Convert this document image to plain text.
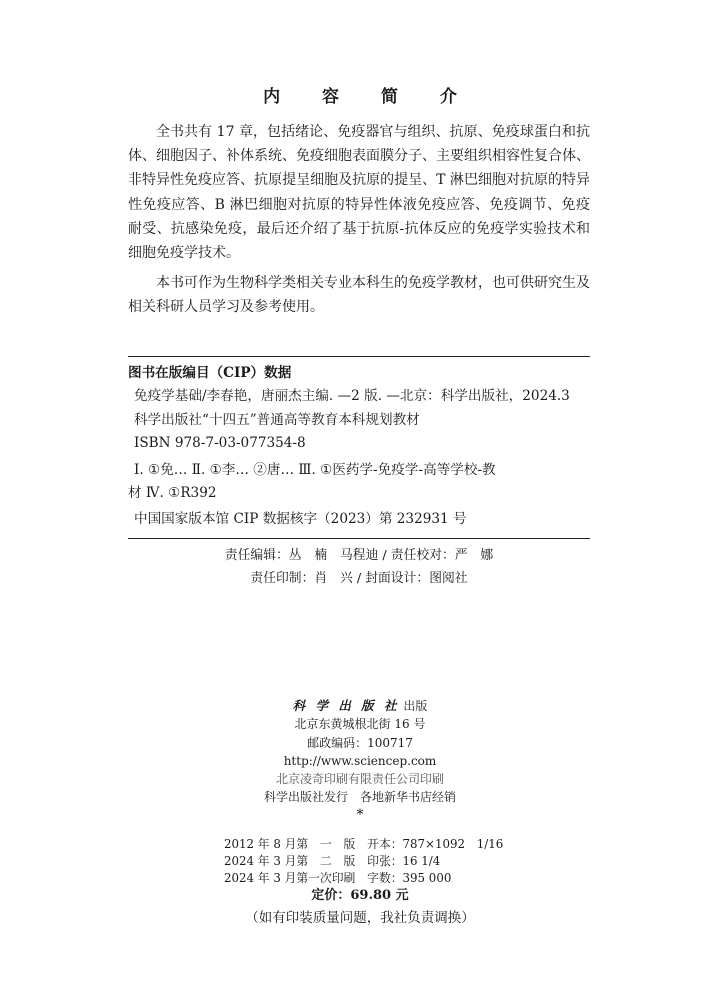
内 容 简 介

全书共有 17 章，包括绪论、免疫器官与组织、抗原、免疫球蛋白和抗体、细胞因子、补体系统、免疫细胞表面膜分子、主要组织相容性复合体、非特异性免疫应答、抗原提呈细胞及抗原的提呈、T 淋巴细胞对抗原的特异性免疫应答、B 淋巴细胞对抗原的特异性体液免疫应答、免疫调节、免疫耐受、抗感染免疫，最后还介绍了基于抗原-抗体反应的免疫学实验技术和细胞免疫学技术。

本书可作为生物科学类相关专业本科生的免疫学教材，也可供研究生及相关科研人员学习及参考使用。

图书在版编目（CIP）数据
免疫学基础/李春艳，唐丽杰主编. —2 版. —北京：科学出版社，2024.3
科学出版社“十四五”普通高等教育本科规划教材
ISBN 978-7-03-077354-8
Ⅰ. ①免… Ⅱ. ①李… ②唐… Ⅲ. ①医药学-免疫学-高等学校-教
材 Ⅳ. ①R392
中国国家版本馆 CIP 数据核字（2023）第 232931 号
责任编辑：丛　楠　马程迪 / 责任校对：严　娜
责任印制：肖　兴 / 封面设计：图阅社
科 学 出 版 社 出版
北京东黄城根北街 16 号
邮政编码：100717
http://www.sciencep.com
北京凌奇印刷有限责任公司印刷
科学出版社发行　各地新华书店经销
*
2012 年 8 月第　一　版　开本：787×1092　1/16
2024 年 3 月第　二　版　印张：16 1/4
2024 年 3 月第一次印刷　字数：395 000
定价：69.80 元
（如有印装质量问题，我社负责调换）
